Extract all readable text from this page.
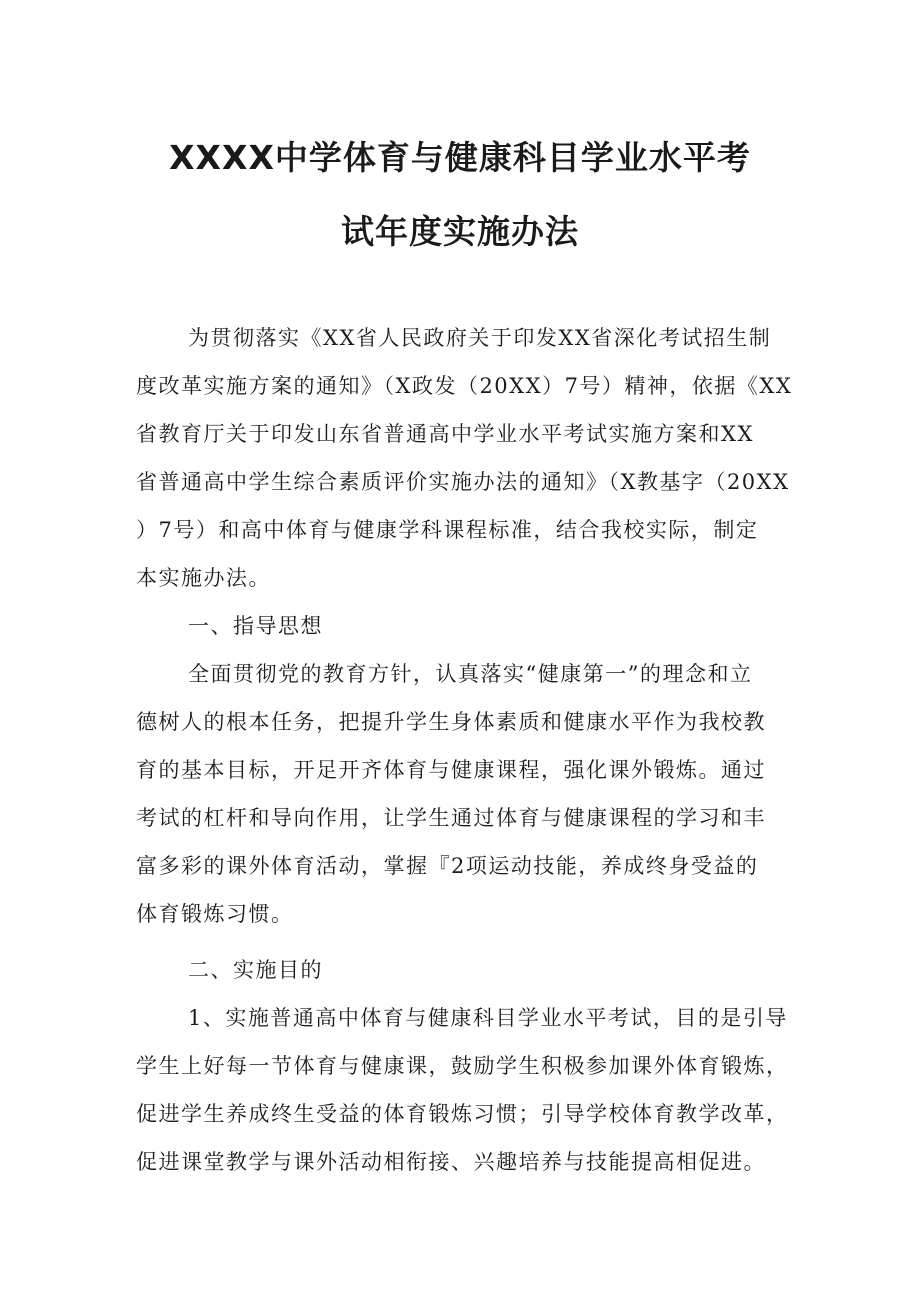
XXXX中学体育与健康科目学业水平考
试年度实施办法
为贯彻落实《XX省人民政府关于印发XX省深化考试招生制
度改革实施方案的通知》（X政发（20XX）7号）精神，依据《XX
省教育厅关于印发山东省普通高中学业水平考试实施方案和XX
省普通高中学生综合素质评价实施办法的通知》（X教基字（20XX
）7号）和高中体育与健康学科课程标准，结合我校实际，制定
本实施办法。
一、指导思想
全面贯彻党的教育方针，认真落实“健康第一”的理念和立
德树人的根本任务，把提升学生身体素质和健康水平作为我校教
育的基本目标，开足开齐体育与健康课程，强化课外锻炼。通过
考试的杠杆和导向作用，让学生通过体育与健康课程的学习和丰
富多彩的课外体育活动，掌握『2项运动技能，养成终身受益的
体育锻炼习惯。
二、实施目的
1、实施普通高中体育与健康科目学业水平考试，目的是引导
学生上好每一节体育与健康课，鼓励学生积极参加课外体育锻炼，
促进学生养成终生受益的体育锻炼习惯；引导学校体育教学改革，
促进课堂教学与课外活动相衔接、兴趣培养与技能提高相促进。
